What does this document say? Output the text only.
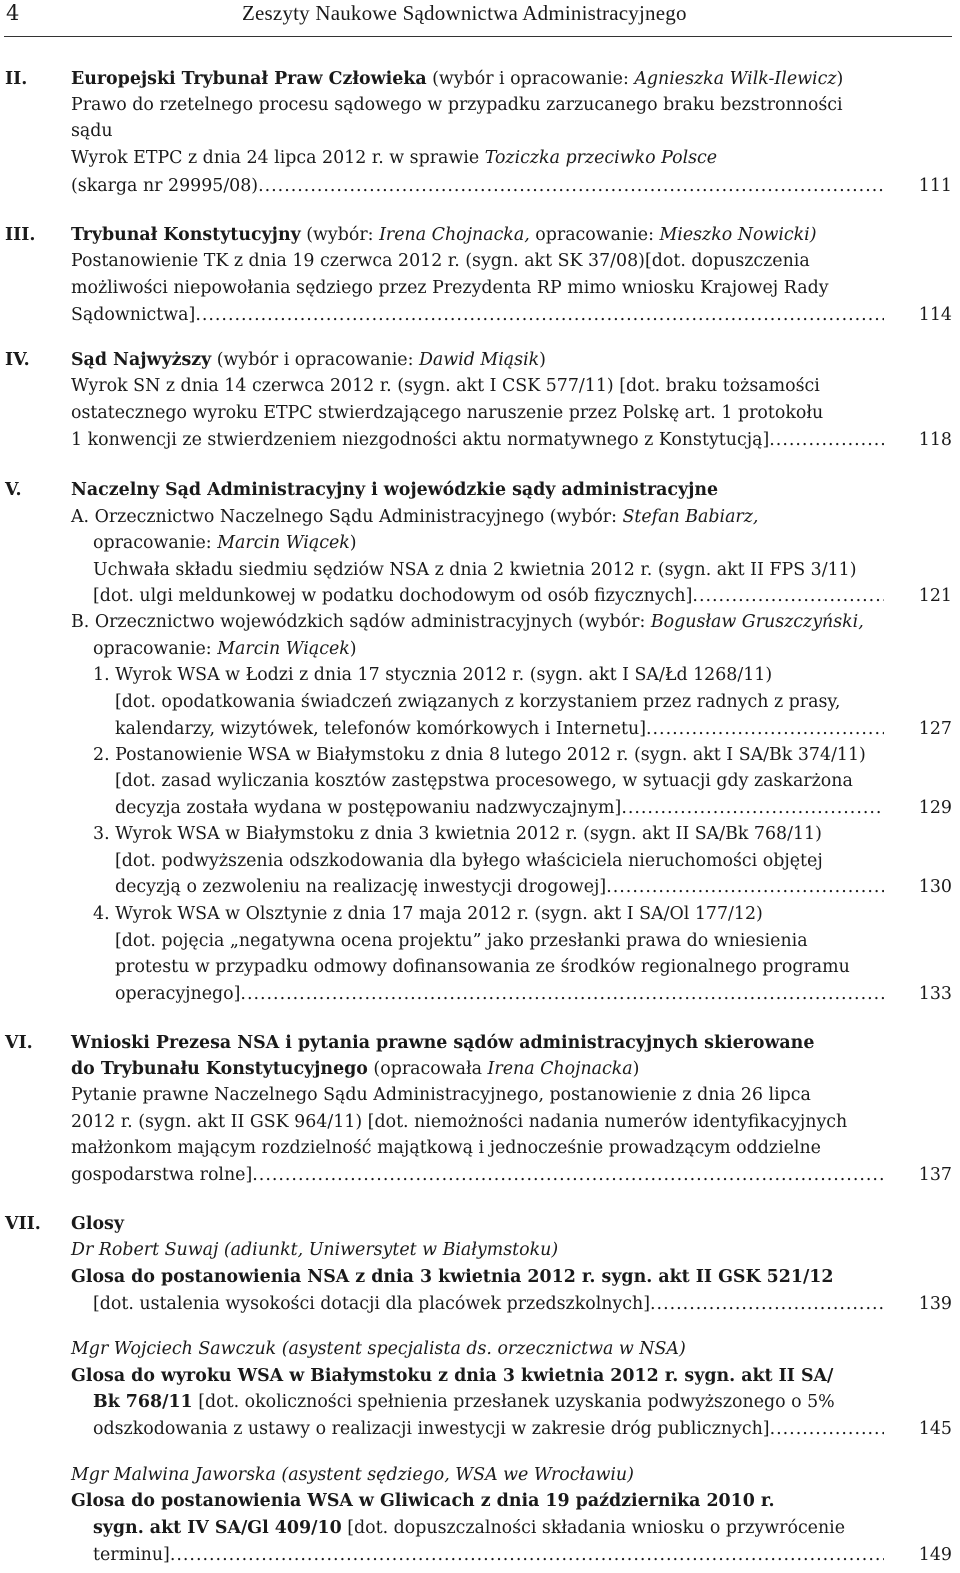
4	Zeszyty Naukowe Sądownictwa Administracyjnego
II.	Europejski Trybunał Praw Człowieka (wybór i opracowanie: Agnieszka Wilk-Ilewicz)
Prawo do rzetelnego procesu sądowego w przypadku zarzucanego braku bezstronności
sądu
Wyrok ETPC z dnia 24 lipca 2012 r. w sprawie Toziczka przeciwko Polsce
(skarga nr 29995/08) .....	111
III. Trybunał Konstytucyjny (wybór: Irena Chojnacka, opracowanie: Mieszko Nowicki)
Postanowienie TK z dnia 19 czerwca 2012 r. (sygn. akt SK 37/08)[dot. dopuszczenia
możliwości niepowołania sędziego przez Prezydenta RP mimo wniosku Krajowej Rady
Sądownictwa] .....	114
IV. Sąd Najwyższy (wybór i opracowanie: Dawid Miąsik)
Wyrok SN z dnia 14 czerwca 2012 r. (sygn. akt I CSK 577/11) [dot. braku tożsamości
ostatecznego wyroku ETPC stwierdzającego naruszenie przez Polskę art. 1 protokołu
1 konwencji ze stwierdzeniem niezgodności aktu normatywnego z Konstytucją] .....	118
V.	Naczelny Sąd Administracyjny i wojewódzkie sądy administracyjne
A. Orzecznictwo Naczelnego Sądu Administracyjnego (wybór: Stefan Babiarz,
opracowanie: Marcin Wiącek)
Uchwała składu siedmiu sędziów NSA z dnia 2 kwietnia 2012 r. (sygn. akt II FPS 3/11)
[dot. ulgi meldunkowej w podatku dochodowym od osób fizycznych] .....	121
B. Orzecznictwo wojewódzkich sądów administracyjnych (wybór: Bogusław Gruszczyński,
opracowanie: Marcin Wiącek)
1. Wyrok WSA w Łodzi z dnia 17 stycznia 2012 r. (sygn. akt I SA/Łd 1268/11)
[dot. opodatkowania świadczeń związanych z korzystaniem przez radnych z prasy,
kalendarzy, wizytówek, telefonów komórkowych i Internetu] .....	127
2. Postanowienie WSA w Białymstoku z dnia 8 lutego 2012 r. (sygn. akt I SA/Bk 374/11)
[dot. zasad wyliczania kosztów zastępstwa procesowego, w sytuacji gdy zaskarżona
decyzja została wydana w postępowaniu nadzwyczajnym] .....	129
3. Wyrok WSA w Białymstoku z dnia 3 kwietnia 2012 r. (sygn. akt II SA/Bk 768/11)
[dot. podwyższenia odszkodowania dla byłego właściciela nieruchomości objętej
decyzją o zezwoleniu na realizację inwestycji drogowej] .....	130
4. Wyrok WSA w Olsztynie z dnia 17 maja 2012 r. (sygn. akt I SA/Ol 177/12)
[dot. pojęcia „negatywna ocena projektu” jako przesłanki prawa do wniesienia
protestu w przypadku odmowy dofinansowania ze środków regionalnego programu
operacyjnego] .....	133
VI. Wnioski Prezesa NSA i pytania prawne sądów administracyjnych skierowane
do Trybunału Konstytucyjnego (opracowała Irena Chojnacka)
Pytanie prawne Naczelnego Sądu Administracyjnego, postanowienie z dnia 26 lipca
2012 r. (sygn. akt II GSK 964/11) [dot. niemożności nadania numerów identyfikacyjnych
małżonkom mającym rozdzielność majątkową i jednocześnie prowadzącym oddzielne
gospodarstwa rolne] .....	137
VII. Glosy
Dr Robert Suwaj (adiunkt, Uniwersytet w Białymstoku)
Glosa do postanowienia NSA z dnia 3 kwietnia 2012 r. sygn. akt II GSK 521/12
[dot. ustalenia wysokości dotacji dla placówek przedszkolnych] .....	139
Mgr Wojciech Sawczuk (asystent specjalista ds. orzecznictwa w NSA)
Glosa do wyroku WSA w Białymstoku z dnia 3 kwietnia 2012 r. sygn. akt II SA/
Bk 768/11 [dot. okoliczności spełnienia przesłanek uzyskania podwyższonego o 5%
odszkodowania z ustawy o realizacji inwestycji w zakresie dróg publicznych] .....	145
Mgr Malwina Jaworska (asystent sędziego, WSA we Wrocławiu)
Glosa do postanowienia WSA w Gliwicach z dnia 19 października 2010 r.
sygn. akt IV SA/Gl 409/10 [dot. dopuszczalności składania wniosku o przywrócenie
terminu] .....	149
